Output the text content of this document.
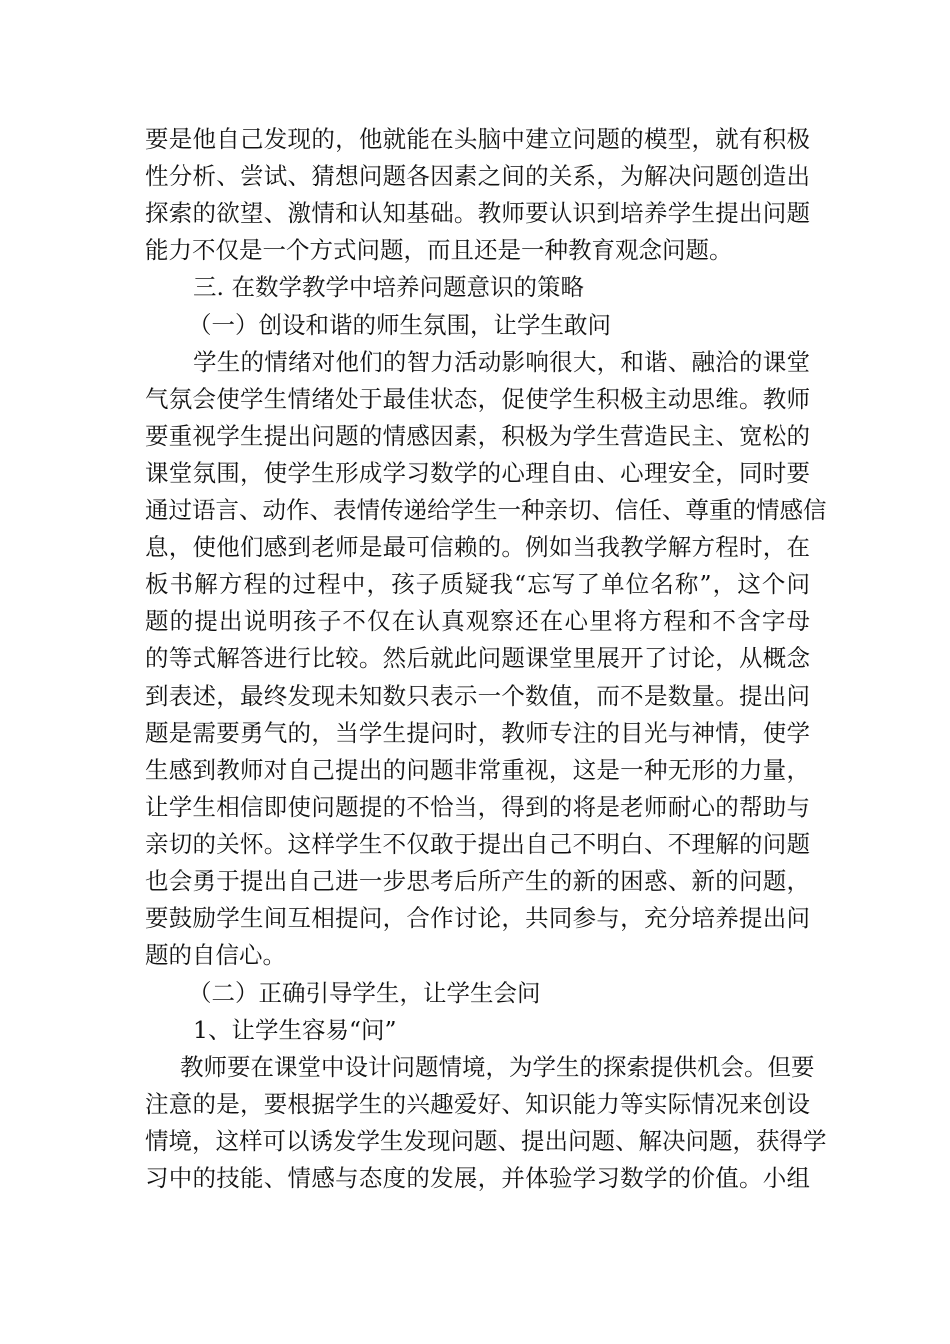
要是他自己发现的，他就能在头脑中建立问题的模型，就有积极
性分析、尝试、猜想问题各因素之间的关系，为解决问题创造出
探索的欲望、激情和认知基础。教师要认识到培养学生提出问题
能力不仅是一个方式问题，而且还是一种教育观念问题。
三. 在数学教学中培养问题意识的策略
（一）创设和谐的师生氛围，让学生敢问
学生的情绪对他们的智力活动影响很大，和谐、融洽的课堂
气氛会使学生情绪处于最佳状态，促使学生积极主动思维。教师
要重视学生提出问题的情感因素，积极为学生营造民主、宽松的
课堂氛围，使学生形成学习数学的心理自由、心理安全，同时要
通过语言、动作、表情传递给学生一种亲切、信任、尊重的情感信
息，使他们感到老师是最可信赖的。例如当我教学解方程时，在
板书解方程的过程中，孩子质疑我“忘写了单位名称”，这个问
题的提出说明孩子不仅在认真观察还在心里将方程和不含字母
的等式解答进行比较。然后就此问题课堂里展开了讨论，从概念
到表述，最终发现未知数只表示一个数值，而不是数量。提出问
题是需要勇气的，当学生提问时，教师专注的目光与神情，使学
生感到教师对自己提出的问题非常重视，这是一种无形的力量，
让学生相信即使问题提的不恰当，得到的将是老师耐心的帮助与
亲切的关怀。这样学生不仅敢于提出自己不明白、不理解的问题
也会勇于提出自己进一步思考后所产生的新的困惑、新的问题，
要鼓励学生间互相提问，合作讨论，共同参与，充分培养提出问
题的自信心。
（二）正确引导学生，让学生会问
1、让学生容易“问”
教师要在课堂中设计问题情境，为学生的探索提供机会。但要
注意的是，要根据学生的兴趣爱好、知识能力等实际情况来创设
情境，这样可以诱发学生发现问题、提出问题、解决问题，获得学
习中的技能、情感与态度的发展，并体验学习数学的价值。小组
